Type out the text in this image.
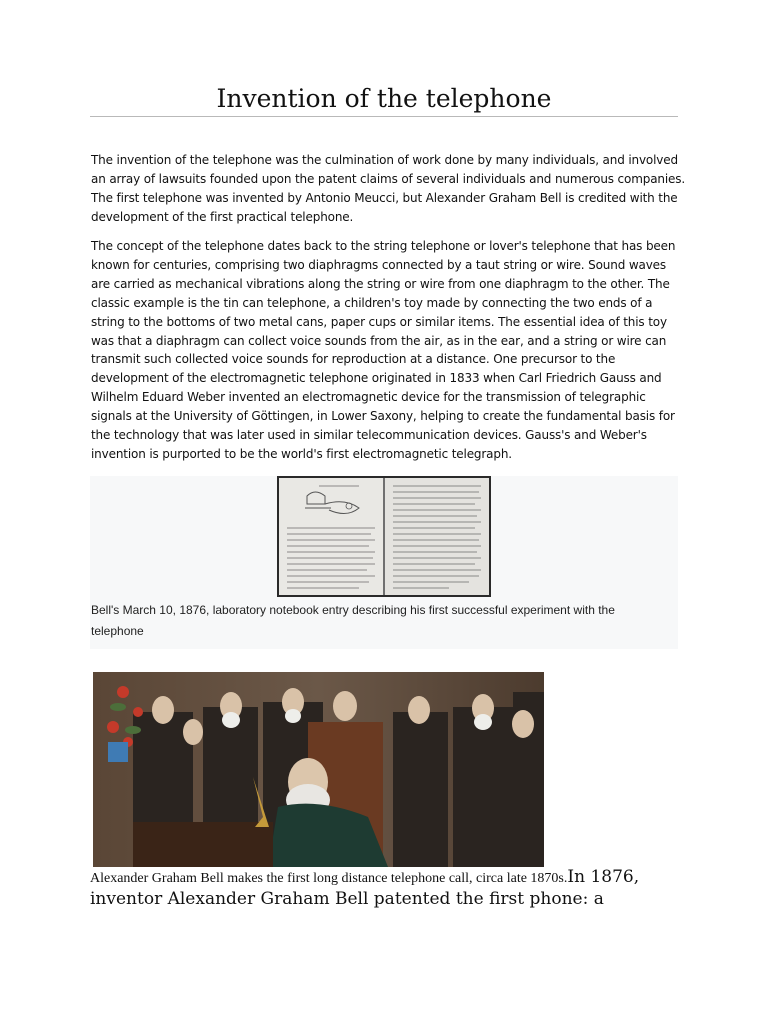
Invention of the telephone

The invention of the telephone was the culmination of work done by many individuals, and involved an array of lawsuits founded upon the patent claims of several individuals and numerous companies. The first telephone was invented by Antonio Meucci, but Alexander Graham Bell is credited with the development of the first practical telephone.

The concept of the telephone dates back to the string telephone or lover's telephone that has been known for centuries, comprising two diaphragms connected by a taut string or wire. Sound waves are carried as mechanical vibrations along the string or wire from one diaphragm to the other. The classic example is the tin can telephone, a children's toy made by connecting the two ends of a string to the bottoms of two metal cans, paper cups or similar items. The essential idea of this toy was that a diaphragm can collect voice sounds from the air, as in the ear, and a string or wire can transmit such collected voice sounds for reproduction at a distance. One precursor to the development of the electromagnetic telephone originated in 1833 when Carl Friedrich Gauss and Wilhelm Eduard Weber invented an electromagnetic device for the transmission of telegraphic signals at the University of Göttingen, in Lower Saxony, helping to create the fundamental basis for the technology that was later used in similar telecommunication devices. Gauss's and Weber's invention is purported to be the world's first electromagnetic telegraph.

Bell's March 10, 1876, laboratory notebook entry describing his first successful experiment with the telephone
Alexander Graham Bell makes the first long distance telephone call, circa late 1870s.In 1876, inventor Alexander Graham Bell patented the first phone: a
